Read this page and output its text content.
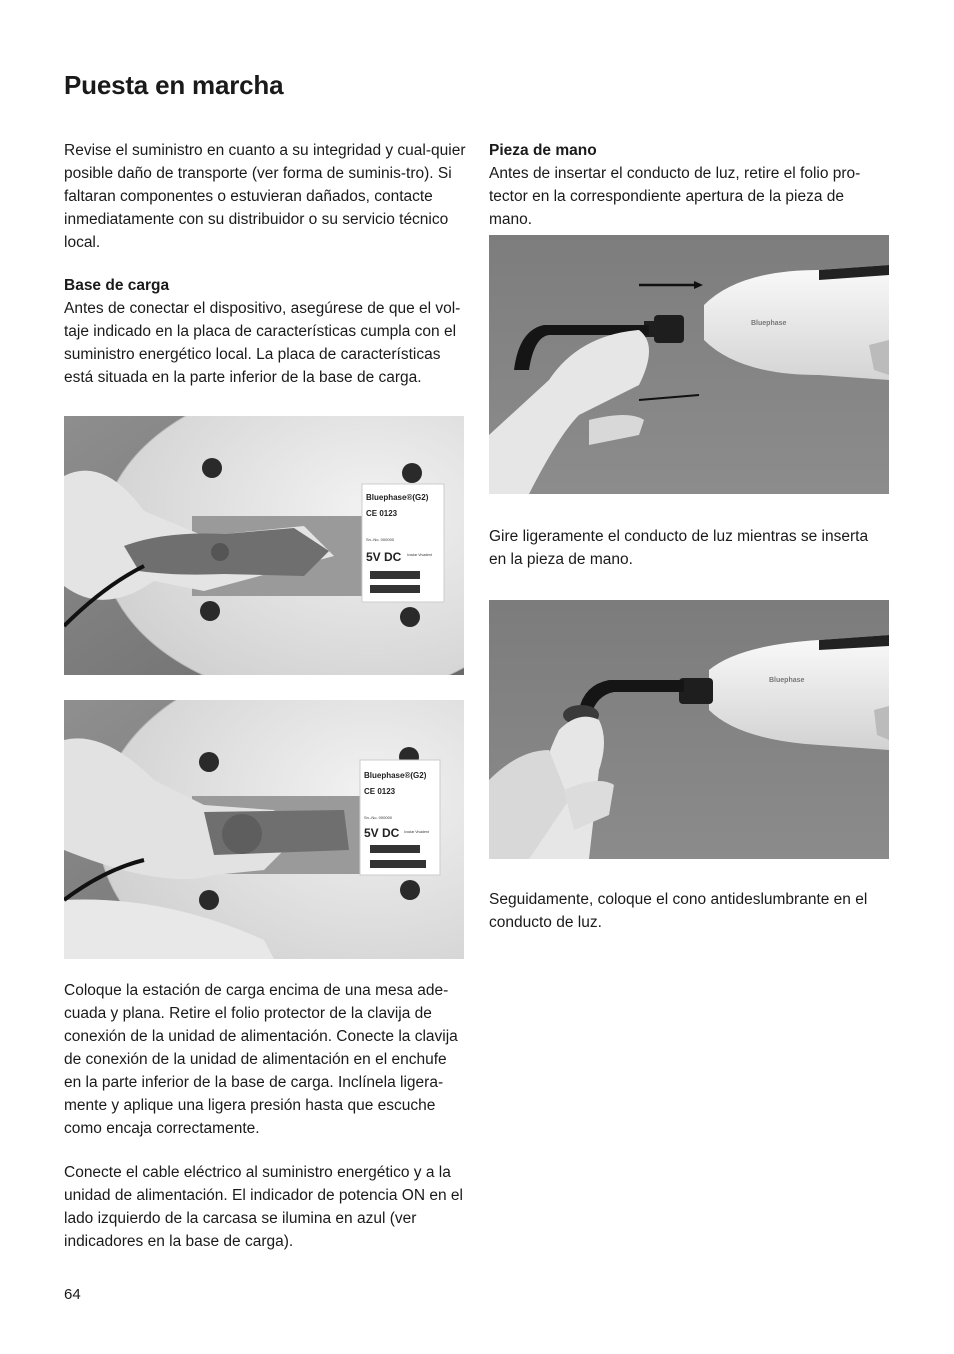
Puesta en marcha

Revise el suministro en cuanto a su integridad y cual-quier posible daño de transporte (ver forma de suminis-tro). Si faltaran componentes o estuvieran dañados, contacte inmediatamente con su distribuidor o su servicio técnico local.

Base de carga
Antes de conectar el dispositivo, asegúrese de que el vol-taje indicado en la placa de características cumpla con el suministro energético local. La placa de características está situada en la parte inferior de la base de carga.

Bluephase®(G2)
CE 0123
Sn.-No. 000000
5V DC Ivoclar Vivadent
Bluephase®(G2)
CE 0123
Sn.-No. 000000
5V DC Ivoclar Vivadent

Coloque la estación de carga encima de una mesa ade-cuada y plana. Retire el folio protector de la clavija de conexión de la unidad de alimentación. Conecte la clavija de conexión de la unidad de alimentación en el enchufe en la parte inferior de la base de carga. Inclínela ligera-mente y aplique una ligera presión hasta que escuche como encaja correctamente.

Conecte el cable eléctrico al suministro energético y a la unidad de alimentación. El indicador de potencia ON en el lado izquierdo de la carcasa se ilumina en azul (ver indicadores en la base de carga).

Pieza de mano
Antes de insertar el conducto de luz, retire el folio pro-tector en la correspondiente apertura de la pieza de mano.

Bluephase

Gire ligeramente el conducto de luz mientras se inserta en la pieza de mano.

Bluephase

Seguidamente, coloque el cono antideslumbrante en el conducto de luz.

64
